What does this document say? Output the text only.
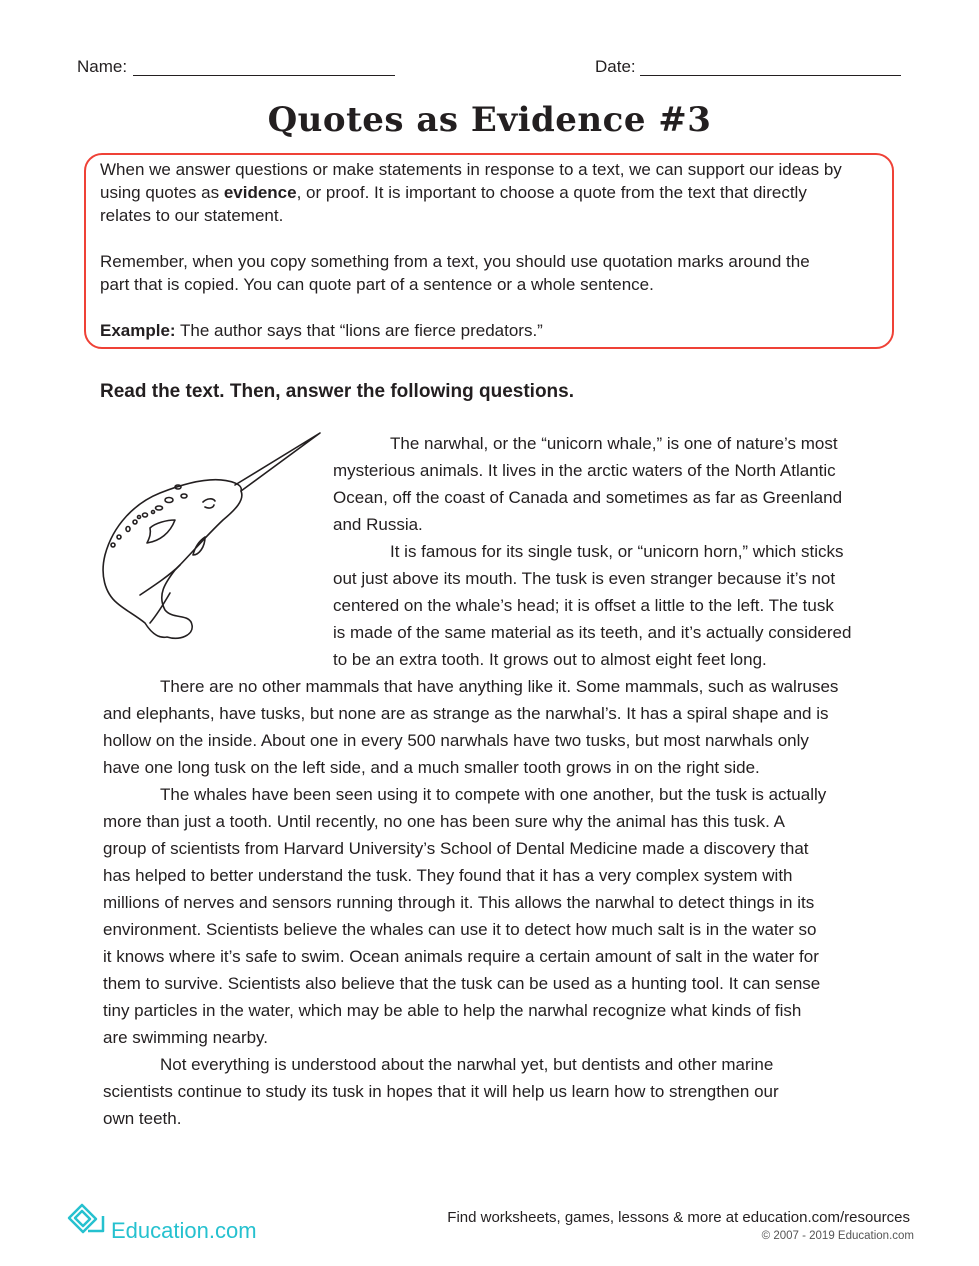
Name:	Date:
Quotes as Evidence #3
When we answer questions or make statements in response to a text, we can support our ideas by
using quotes as evidence, or proof. It is important to choose a quote from the text that directly
relates to our statement.
Remember, when you copy something from a text, you should use quotation marks around the
part that is copied. You can quote part of a sentence or a whole sentence.
Example: The author says that “lions are fierce predators.”
Read the text. Then, answer the following questions.
The narwhal, or the “unicorn whale,” is one of nature’s most
mysterious animals. It lives in the arctic waters of the North Atlantic
Ocean, off the coast of Canada and sometimes as far as Greenland
and Russia.
It is famous for its single tusk, or “unicorn horn,” which sticks
out just above its mouth. The tusk is even stranger because it’s not
centered on the whale’s head; it is offset a little to the left. The tusk
is made of the same material as its teeth, and it’s actually considered
to be an extra tooth. It grows out to almost eight feet long.
There are no other mammals that have anything like it. Some mammals, such as walruses
and elephants, have tusks, but none are as strange as the narwhal’s. It has a spiral shape and is
hollow on the inside. About one in every 500 narwhals have two tusks, but most narwhals only
have one long tusk on the left side, and a much smaller tooth grows in on the right side.
The whales have been seen using it to compete with one another, but the tusk is actually
more than just a tooth. Until recently, no one has been sure why the animal has this tusk. A
group of scientists from Harvard University’s School of Dental Medicine made a discovery that
has helped to better understand the tusk. They found that it has a very complex system with
millions of nerves and sensors running through it. This allows the narwhal to detect things in its
environment. Scientists believe the whales can use it to detect how much salt is in the water so
it knows where it’s safe to swim. Ocean animals require a certain amount of salt in the water for
them to survive. Scientists also believe that the tusk can be used as a hunting tool. It can sense
tiny particles in the water, which may be able to help the narwhal recognize what kinds of fish
are swimming nearby.
Not everything is understood about the narwhal yet, but dentists and other marine
scientists continue to study its tusk in hopes that it will help us learn how to strengthen our
own teeth.
Education.com
Find worksheets, games, lessons & more at education.com/resources
© 2007 - 2019 Education.com
